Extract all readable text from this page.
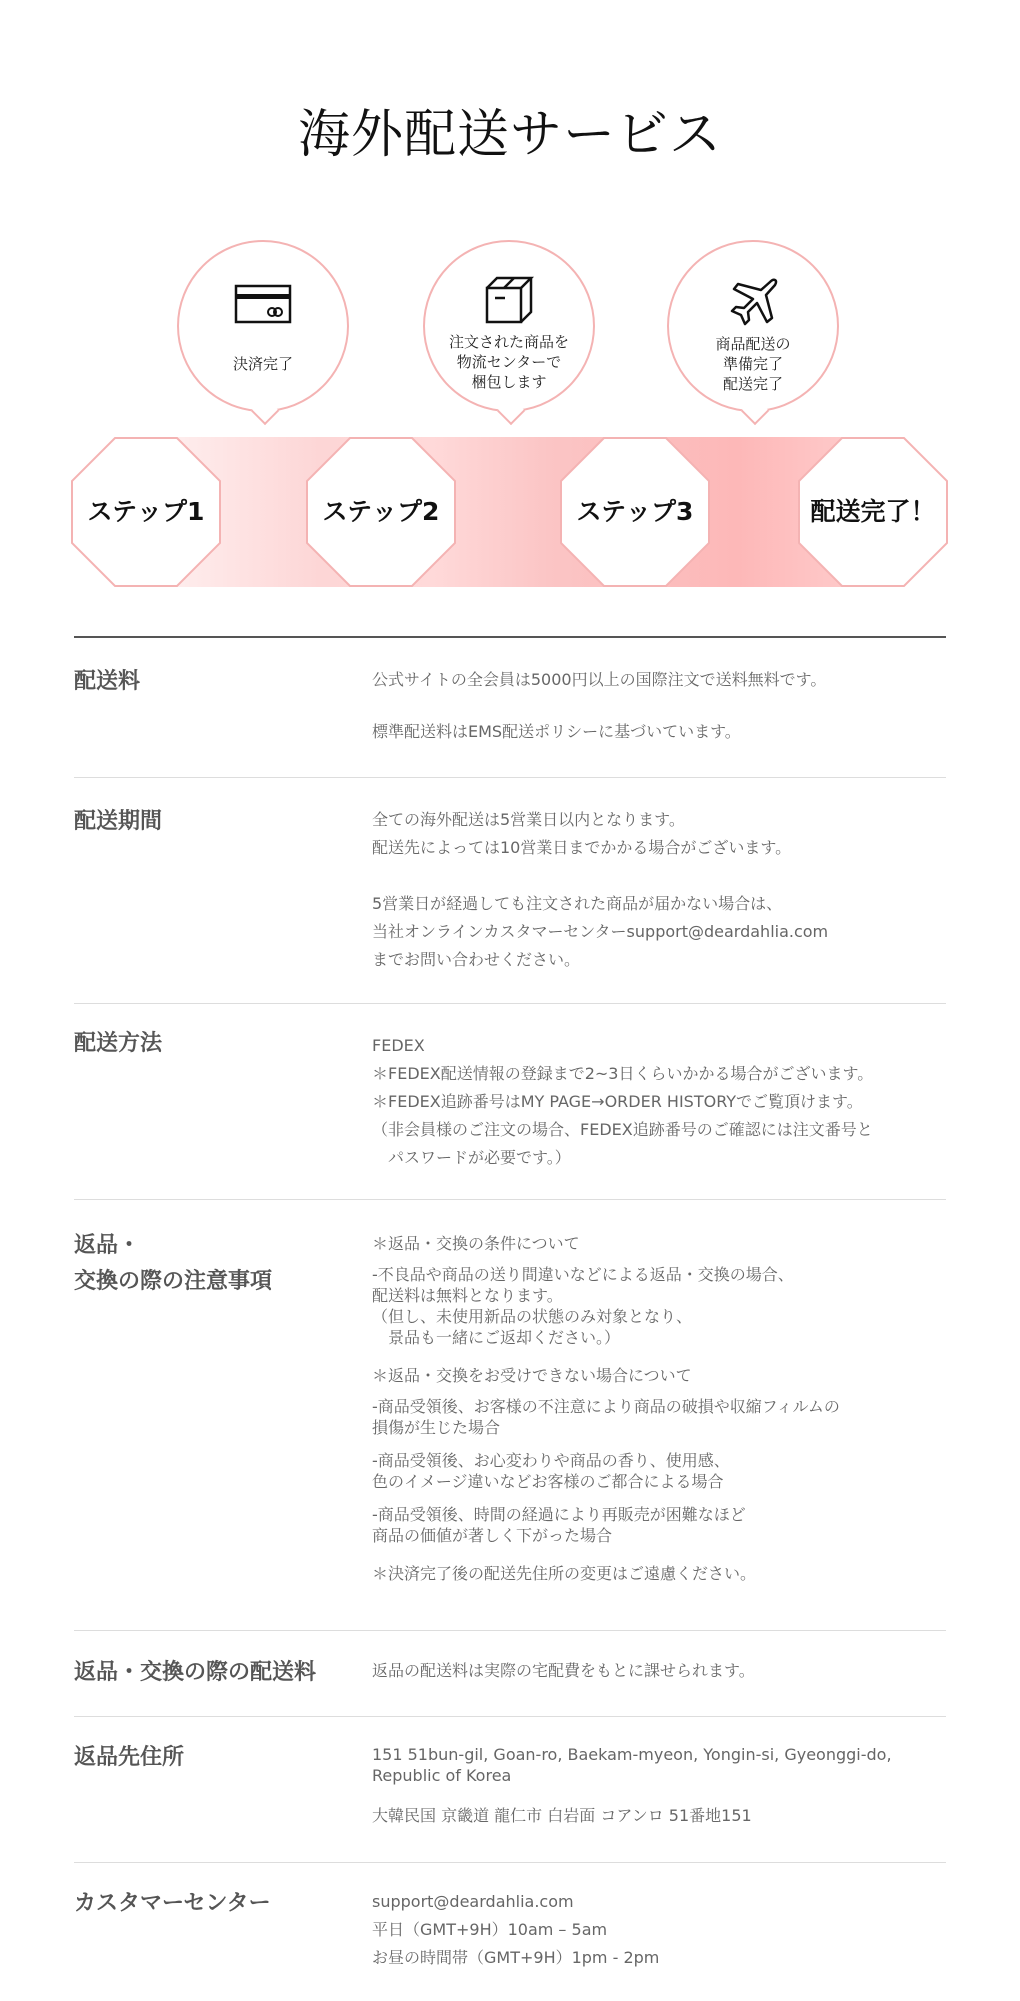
海外配送サービス
決済完了
注文された商品を
物流センターで
梱包します
商品配送の
準備完了
配送完了
ステップ1	ステップ2	ステップ3	配送完了！
配送料	公式サイトの全会員は5000円以上の国際注文で送料無料です。
標準配送料はEMS配送ポリシーに基づいています。
配送期間	全ての海外配送は5営業日以内となります。
配送先によっては10営業日までかかる場合がございます。
5営業日が経過しても注文された商品が届かない場合は、
当社オンラインカスタマーセンターsupport@deardahlia.com
までお問い合わせください。
配送方法	FEDEX
＊FEDEX配送情報の登録まで2~3日くらいかかる場合がございます。
＊FEDEX追跡番号はMY PAGE→ORDER HISTORYでご覧頂けます。
（非会員様のご注文の場合、FEDEX追跡番号のご確認には注文番号と
　パスワードが必要です。）
返品・
交換の際の注意事項
＊返品・交換の条件について
-不良品や商品の送り間違いなどによる返品・交換の場合、
配送料は無料となります。
（但し、未使用新品の状態のみ対象となり、
　景品も一緒にご返却ください。）
＊返品・交換をお受けできない場合について
-商品受領後、お客様の不注意により商品の破損や収縮フィルムの
損傷が生じた場合
-商品受領後、お心変わりや商品の香り、使用感、
色のイメージ違いなどお客様のご都合による場合
-商品受領後、時間の経過により再販売が困難なほど
商品の価値が著しく下がった場合
＊決済完了後の配送先住所の変更はご遠慮ください。
返品・交換の際の配送料	返品の配送料は実際の宅配費をもとに課せられます。
返品先住所	151 51bun-gil, Goan-ro, Baekam-myeon, Yongin-si, Gyeonggi-do,
Republic of Korea
大韓民国 京畿道 龍仁市 白岩面 コアンロ 51番地151
カスタマーセンター	support@deardahlia.com
平日（GMT+9H）10am – 5am
お昼の時間帯（GMT+9H）1pm - 2pm
